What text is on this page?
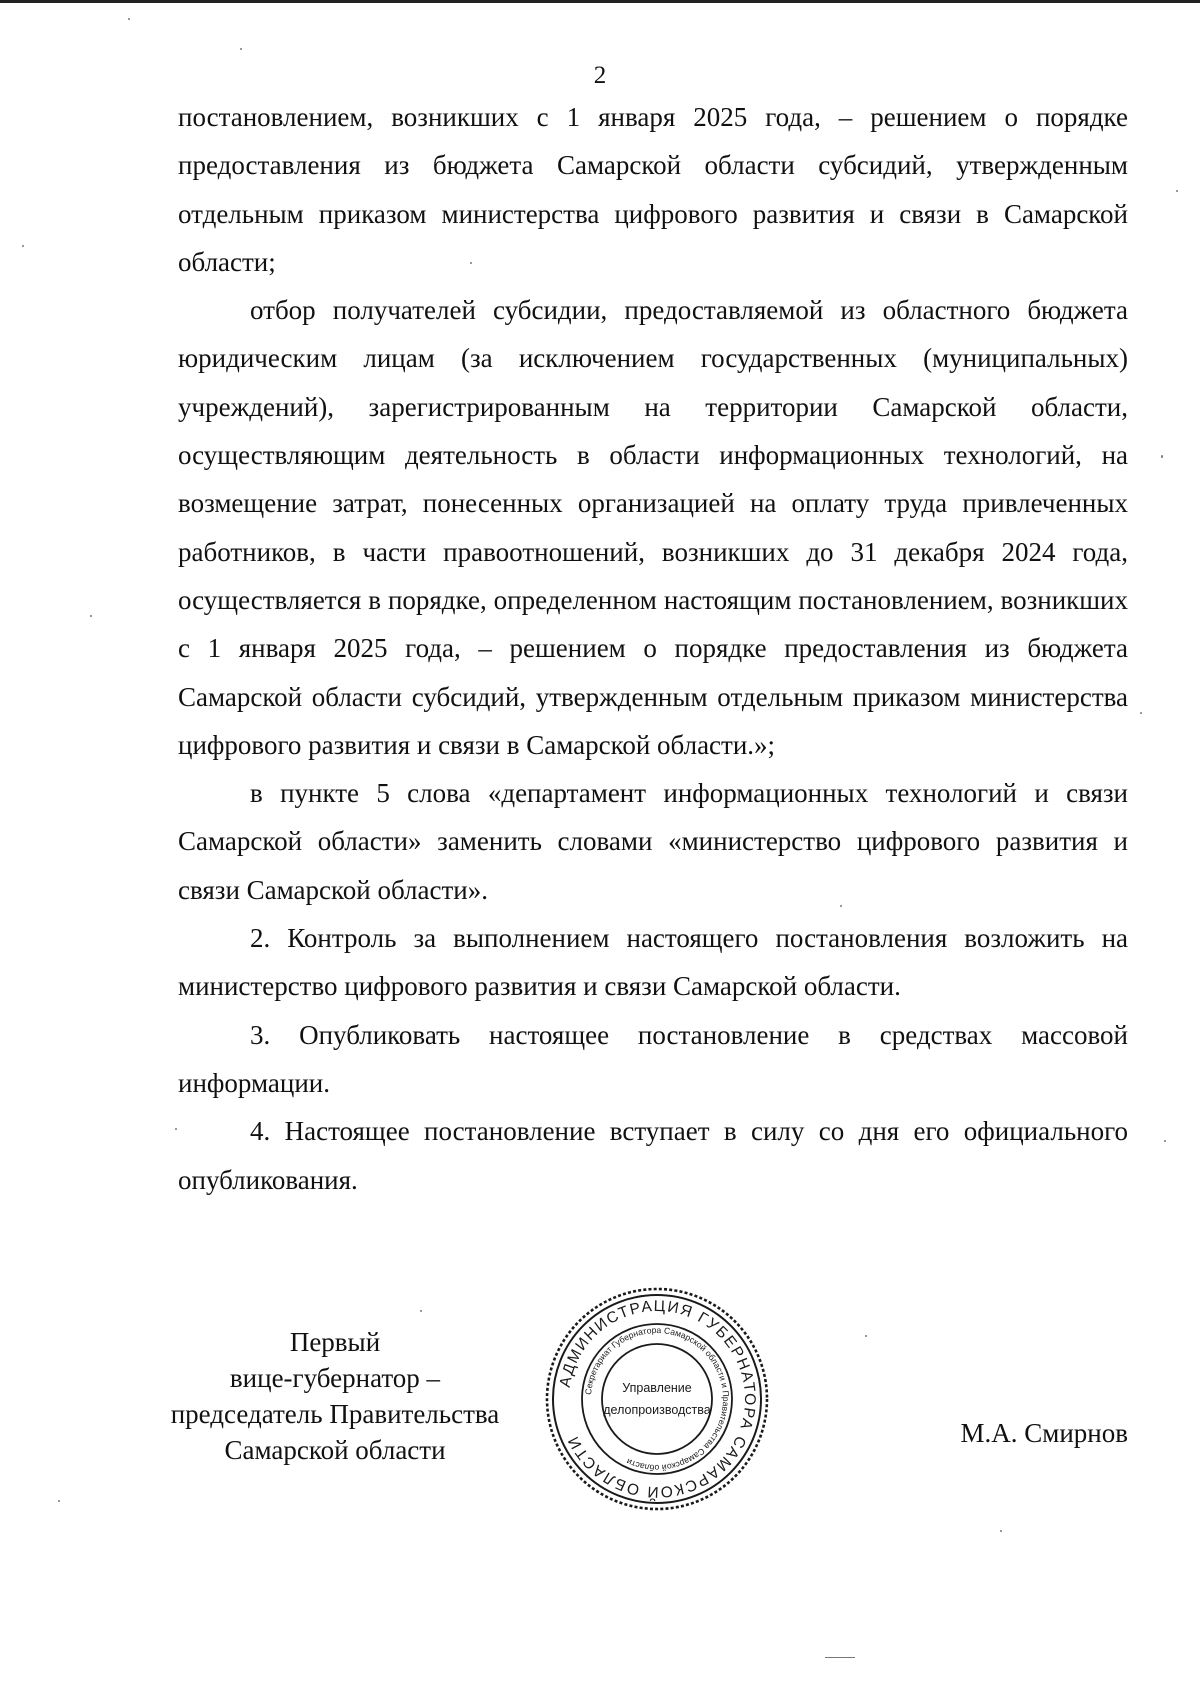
2

постановлением, возникших с 1 января 2025 года, – решением о порядке предоставления из бюджета Самарской области субсидий, утвержденным отдельным приказом министерства цифрового развития и связи в Самарской области;

отбор получателей субсидии, предоставляемой из областного бюджета юридическим лицам (за исключением государственных (муниципальных) учреждений), зарегистрированным на территории Самарской области, осуществляющим деятельность в области информационных технологий, на возмещение затрат, понесенных организацией на оплату труда привлеченных работников, в части правоотношений, возникших до 31 декабря 2024 года, осуществляется в порядке, определенном настоящим постановлением, возникших с 1 января 2025 года, – решением о порядке предоставления из бюджета Самарской области субсидий, утвержденным отдельным приказом министерства цифрового развития и связи в Самарской области.»;

в пункте 5 слова «департамент информационных технологий и связи Самарской области» заменить словами «министерство цифрового развития и связи Самарской области».

2. Контроль за выполнением настоящего постановления возложить на министерство цифрового развития и связи Самарской области.

3. Опубликовать настоящее постановление в средствах массовой информации.

4. Настоящее постановление вступает в силу со дня его официального опубликования.

Первый
вице-губернатор –
председатель Правительства
Самарской области
АДМИНИСТРАЦИЯ ГУБЕРНАТОРА САМАРСКОЙ ОБЛАСТИ
Секретариат Губернатора Самарской области и Правительства Самарской области
Управление
делопроизводства
М.А. Смирнов
